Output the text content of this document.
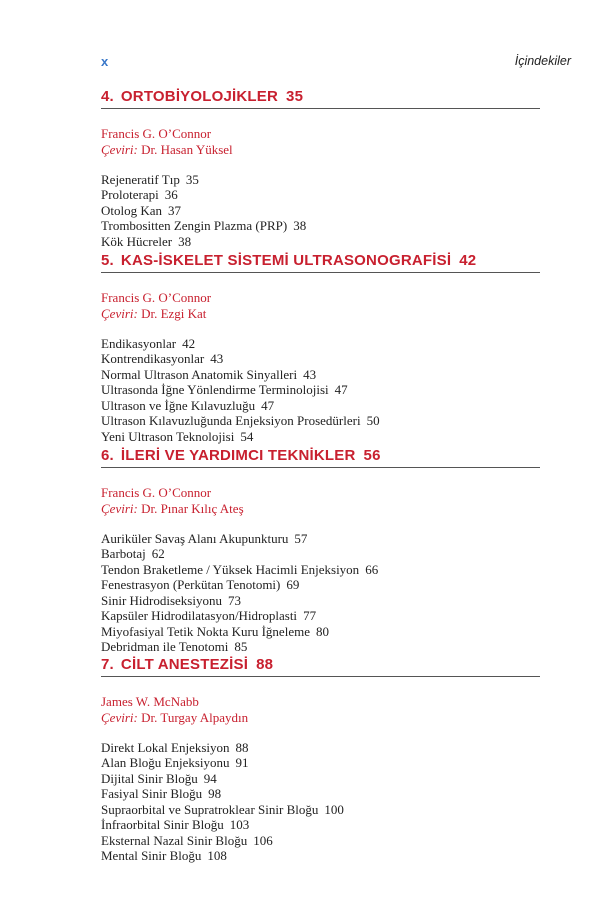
x	İçindekiler
4. ORTOBİYOLOJİKLER 35
Francis G. O’Connor
Çeviri: Dr. Hasan Yüksel
Rejeneratif Tıp 35
Proloterapi 36
Otolog Kan 37
Trombositten Zengin Plazma (PRP) 38
Kök Hücreler 38
5. KAS-İSKELET SİSTEMİ ULTRASONOGRAFİSİ 42
Francis G. O’Connor
Çeviri: Dr. Ezgi Kat
Endikasyonlar 42
Kontrendikasyonlar 43
Normal Ultrason Anatomik Sinyalleri 43
Ultrasonda İğne Yönlendirme Terminolojisi 47
Ultrason ve İğne Kılavuzluğu 47
Ultrason Kılavuzluğunda Enjeksiyon Prosedürleri 50
Yeni Ultrason Teknolojisi 54
6. İLERİ VE YARDIMCI TEKNİKLER 56
Francis G. O’Connor
Çeviri: Dr. Pınar Kılıç Ateş
Auriküler Savaş Alanı Akupunkturu 57
Barbotaj 62
Tendon Braketleme / Yüksek Hacimli Enjeksiyon 66
Fenestrasyon (Perkütan Tenotomi) 69
Sinir Hidrodiseksiyonu 73
Kapsüler Hidrodilatasyon/Hidroplasti 77
Miyofasiyal Tetik Nokta Kuru İğneleme 80
Debridman ile Tenotomi 85
7. CİLT ANESTEZİSİ 88
James W. McNabb
Çeviri: Dr. Turgay Alpaydın
Direkt Lokal Enjeksiyon 88
Alan Bloğu Enjeksiyonu 91
Dijital Sinir Bloğu 94
Fasiyal Sinir Bloğu 98
Supraorbital ve Supratroklear Sinir Bloğu 100
İnfraorbital Sinir Bloğu 103
Eksternal Nazal Sinir Bloğu 106
Mental Sinir Bloğu 108
